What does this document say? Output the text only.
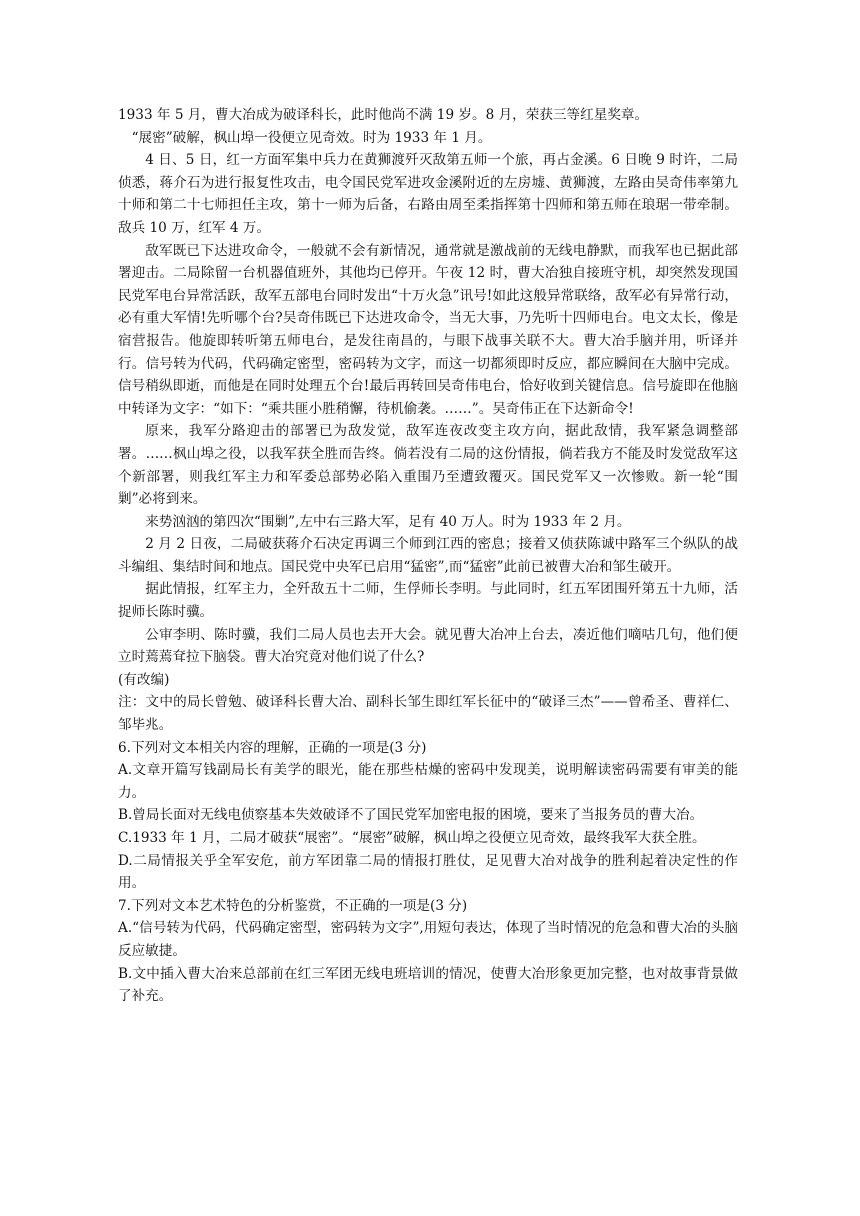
1933 年 5 月，曹大冶成为破译科长，此时他尚不满 19 岁。8 月，荣获三等红星奖章。

“展密”破解，枫山埠一役便立见奇效。时为 1933 年 1 月。

4 日、5 日，红一方面军集中兵力在黄狮渡歼灭敌第五师一个旅，再占金溪。6 日晚 9 时许，二局侦悉，蒋介石为进行报复性攻击，电令国民党军进攻金溪附近的左房墟、黄狮渡，左路由吴奇伟率第九十师和第二十七师担任主攻，第十一师为后备，右路由周至柔指挥第十四师和第五师在琅琚一带牵制。敌兵 10 万，红军 4 万。

敌军既已下达进攻命令，一般就不会有新情况，通常就是激战前的无线电静默，而我军也已据此部署迎击。二局除留一台机器值班外，其他均已停开。午夜 12 时，曹大冶独自接班守机，却突然发现国民党军电台异常活跃，敌军五部电台同时发出“十万火急”讯号!如此这般异常联络，敌军必有异常行动，必有重大军情!先听哪个台?吴奇伟既已下达进攻命令，当无大事，乃先听十四师电台。电文太长，像是宿营报告。他旋即转听第五师电台，是发往南昌的，与眼下战事关联不大。曹大冶手脑并用，听译并行。信号转为代码，代码确定密型，密码转为文字，而这一切都须即时反应，都应瞬间在大脑中完成。信号稍纵即逝，而他是在同时处理五个台!最后再转回吴奇伟电台，恰好收到关键信息。信号旋即在他脑中转译为文字：“如下：“乘共匪小胜稍懈，待机偷袭。……”。吴奇伟正在下达新命令!

原来，我军分路迎击的部署已为敌发觉，敌军连夜改变主攻方向，据此敌情，我军紧急调整部署。……枫山埠之役，以我军获全胜而告终。倘若没有二局的这份情报，倘若我方不能及时发觉敌军这个新部署，则我红军主力和军委总部势必陷入重围乃至遭致覆灭。国民党军又一次惨败。新一轮“围剿”必将到来。

来势汹汹的第四次“围剿”,左中右三路大军，足有 40 万人。时为 1933 年 2 月。

2 月 2 日夜，二局破获蒋介石决定再调三个师到江西的密息；接着又侦获陈诚中路军三个纵队的战斗编组、集结时间和地点。国民党中央军已启用“猛密”,而“猛密”此前已被曹大冶和邹生破开。

据此情报，红军主力，全歼敌五十二师，生俘师长李明。与此同时，红五军团围歼第五十九师，活捉师长陈时骥。

公审李明、陈时骥，我们二局人员也去开大会。就见曹大冶冲上台去，凑近他们嘀咕几句，他们便立时蔫蔫耷拉下脑袋。曹大冶究竟对他们说了什么?

(有改编)

注：文中的局长曾勉、破译科长曹大冶、副科长邹生即红军长征中的“破译三杰”——曾希圣、曹祥仁、邹毕兆。

6.下列对文本相关内容的理解，正确的一项是(3 分)

A.文章开篇写钱副局长有美学的眼光，能在那些枯燥的密码中发现美，说明解读密码需要有审美的能力。

B.曾局长面对无线电侦察基本失效破译不了国民党军加密电报的困境，要来了当报务员的曹大冶。

C.1933 年 1 月，二局才破获“展密”。“展密”破解，枫山埠之役便立见奇效，最终我军大获全胜。

D.二局情报关乎全军安危，前方军团靠二局的情报打胜仗，足见曹大冶对战争的胜利起着决定性的作用。

7.下列对文本艺术特色的分析鉴赏，不正确的一项是(3 分)

A.“信号转为代码，代码确定密型，密码转为文字”,用短句表达，体现了当时情况的危急和曹大冶的头脑反应敏捷。

B.文中插入曹大冶来总部前在红三军团无线电班培训的情况，使曹大冶形象更加完整，也对故事背景做了补充。
